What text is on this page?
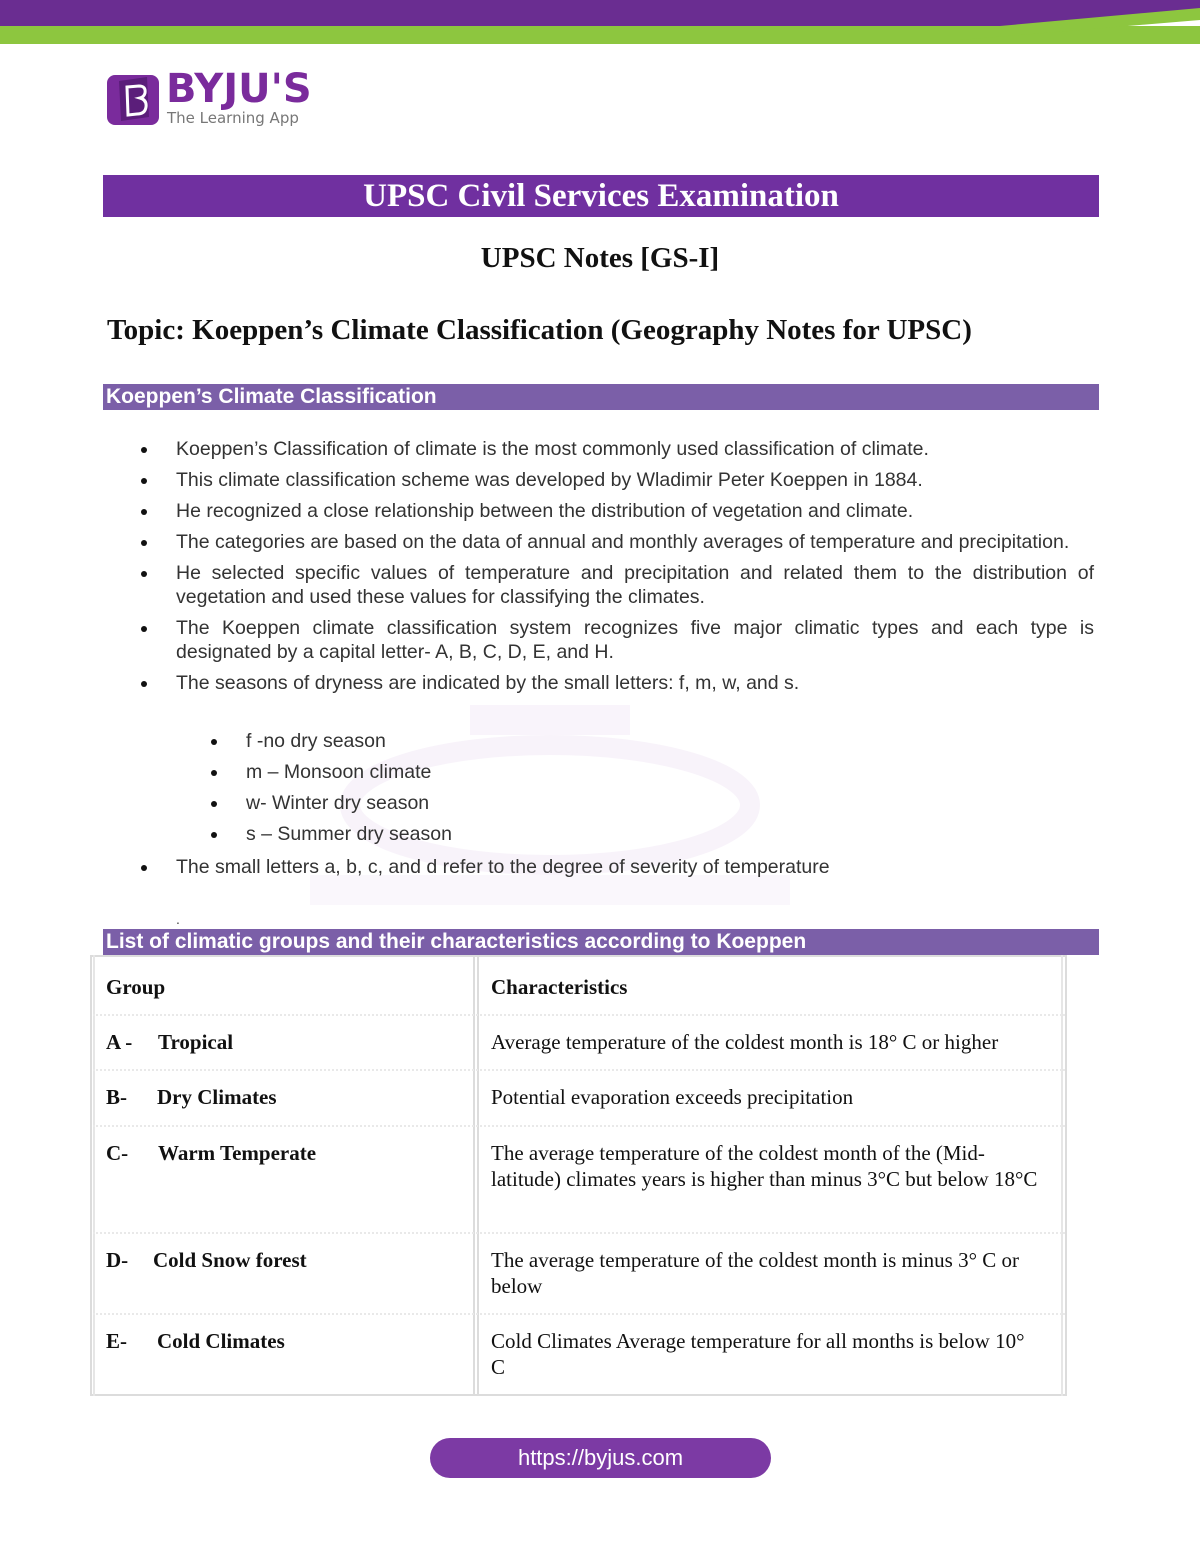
BYJU'S
The Learning App
UPSC Civil Services Examination
UPSC Notes [GS-I]
Topic: Koeppen’s Climate Classification (Geography Notes for UPSC)
Koeppen’s Climate Classification
Koeppen’s Classification of climate is the most commonly used classification of climate.
This climate classification scheme was developed by Wladimir Peter Koeppen in 1884.
He recognized a close relationship between the distribution of vegetation and climate.
The categories are based on the data of annual and monthly averages of temperature and precipitation.
He selected specific values of temperature and precipitation and related them to the distribution of vegetation and used these values for classifying the climates.
The Koeppen climate classification system recognizes five major climatic types and each type is designated by a capital letter- A, B, C, D, E, and H.
The seasons of dryness are indicated by the small letters: f, m, w, and s.
f -no dry season
m – Monsoon climate
w- Winter dry season
s – Summer dry season
The small letters a, b, c, and d refer to the degree of severity of temperature
.
List of climatic groups and their characteristics according to Koeppen
Group	Characteristics
A - Tropical	Average temperature of the coldest month is 18° C or higher
B- Dry Climates	Potential evaporation exceeds precipitation
C- Warm Temperate	The average temperature of the coldest month of the (Mid-latitude) climates years is higher than minus 3°C but below 18°C
D- Cold Snow forest	The average temperature of the coldest month is minus 3° C or below
E- Cold Climates	Cold Climates Average temperature for all months is below 10° C
https://byjus.com
